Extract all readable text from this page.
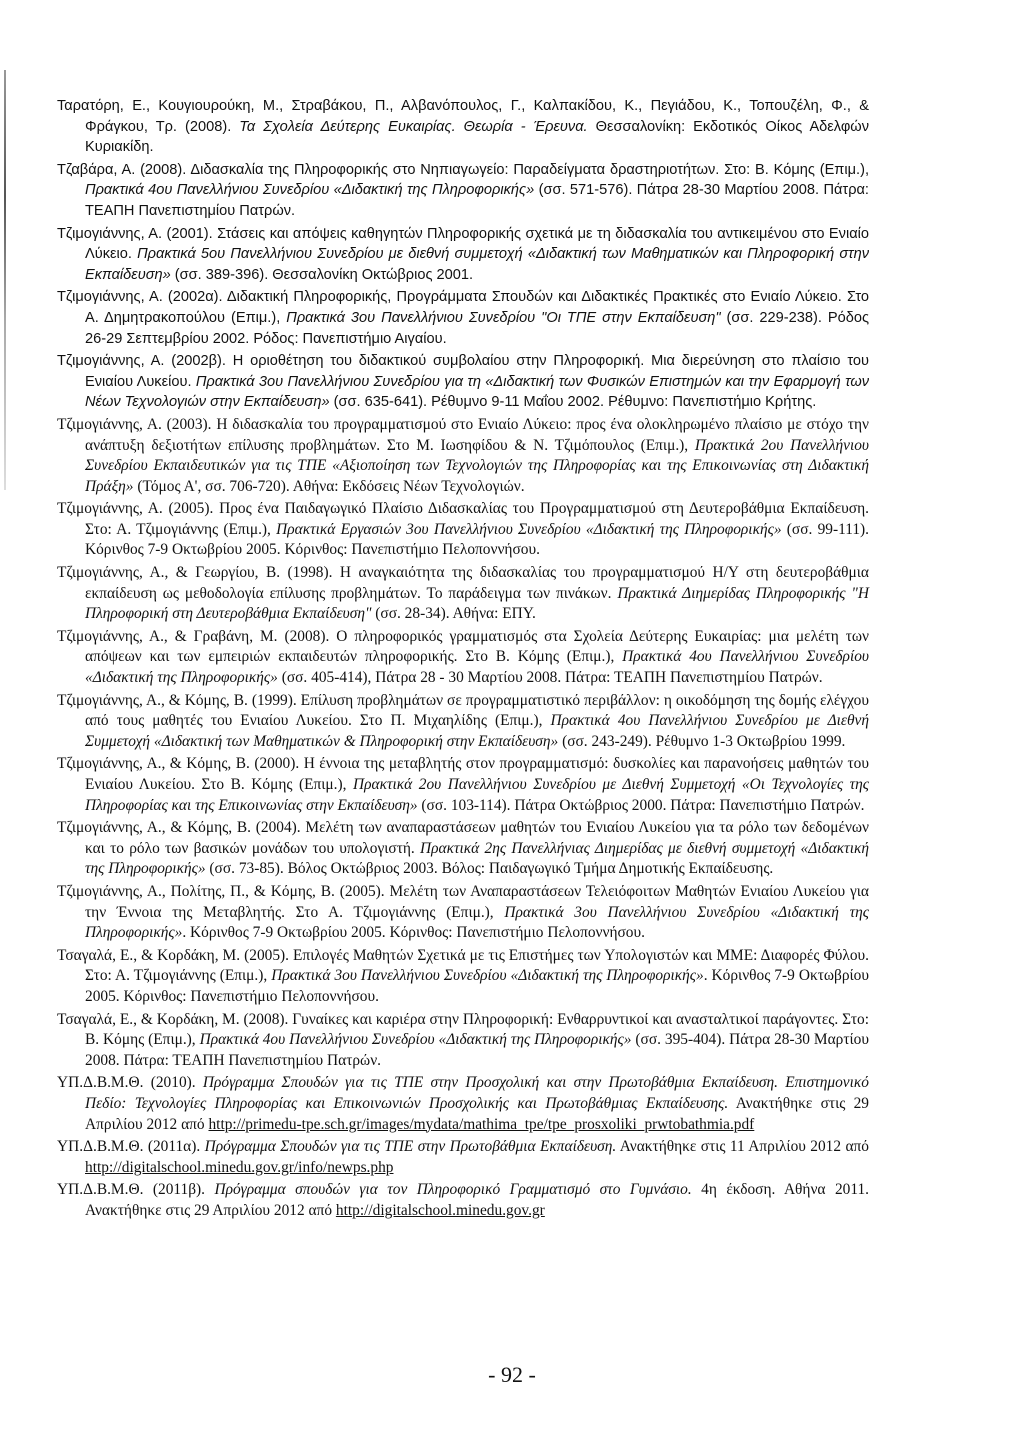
Ταρατόρη, Ε., Κουγιουρούκη, Μ., Στραβάκου, Π., Αλβανόπουλος, Γ., Καλπακίδου, Κ., Πεγιάδου, Κ., Τοπουζέλη, Φ., & Φράγκου, Τρ. (2008). Τα Σχολεία Δεύτερης Ευκαιρίας. Θεωρία - Έρευνα. Θεσσαλονίκη: Εκδοτικός Οίκος Αδελφών Κυριακίδη.

Τζαβάρα, Α. (2008). Διδασκαλία της Πληροφορικής στο Νηπιαγωγείο: Παραδείγματα δραστηριοτήτων. Στο: Β. Κόμης (Επιμ.), Πρακτικά 4ου Πανελλήνιου Συνεδρίου «Διδακτική της Πληροφορικής» (σσ. 571-576). Πάτρα 28-30 Μαρτίου 2008. Πάτρα: ΤΕΑΠΗ Πανεπιστημίου Πατρών.

Τζιμογιάννης, Α. (2001). Στάσεις και απόψεις καθηγητών Πληροφορικής σχετικά με τη διδασκαλία του αντικειμένου στο Ενιαίο Λύκειο. Πρακτικά 5ου Πανελλήνιου Συνεδρίου με διεθνή συμμετοχή «Διδακτική των Μαθηματικών και Πληροφορική στην Εκπαίδευση» (σσ. 389-396). Θεσσαλονίκη Οκτώβριος 2001.

Τζιμογιάννης, Α. (2002α). Διδακτική Πληροφορικής, Προγράμματα Σπουδών και Διδακτικές Πρακτικές στο Ενιαίο Λύκειο. Στο Α. Δημητρακοπούλου (Επιμ.), Πρακτικά 3ου Πανελλήνιου Συνεδρίου "Οι ΤΠΕ στην Εκπαίδευση" (σσ. 229-238). Ρόδος 26-29 Σεπτεμβρίου 2002. Ρόδος: Πανεπιστήμιο Αιγαίου.

Τζιμογιάννης, Α. (2002β). Η οριοθέτηση του διδακτικού συμβολαίου στην Πληροφορική. Μια διερεύνηση στο πλαίσιο του Ενιαίου Λυκείου. Πρακτικά 3ου Πανελλήνιου Συνεδρίου για τη «Διδακτική των Φυσικών Επιστημών και την Εφαρμογή των Νέων Τεχνολογιών στην Εκπαίδευση» (σσ. 635-641). Ρέθυμνο 9-11 Μαΐου 2002. Ρέθυμνο: Πανεπιστήμιο Κρήτης.

Τζιμογιάννης, Α. (2003). Η διδασκαλία του προγραμματισμού στο Ενιαίο Λύκειο: προς ένα ολοκληρωμένο πλαίσιο με στόχο την ανάπτυξη δεξιοτήτων επίλυσης προβλημάτων. Στο Μ. Ιωσηφίδου & Ν. Τζιμόπουλος (Επιμ.), Πρακτικά 2ου Πανελλήνιου Συνεδρίου Εκπαιδευτικών για τις ΤΠΕ «Αξιοποίηση των Τεχνολογιών της Πληροφορίας και της Επικοινωνίας στη Διδακτική Πράξη» (Τόμος Α', σσ. 706-720). Αθήνα: Εκδόσεις Νέων Τεχνολογιών.

Τζιμογιάννης, Α. (2005). Προς ένα Παιδαγωγικό Πλαίσιο Διδασκαλίας του Προγραμματισμού στη Δευτεροβάθμια Εκπαίδευση. Στο: Α. Τζιμογιάννης (Επιμ.), Πρακτικά Εργασιών 3ου Πανελλήνιου Συνεδρίου «Διδακτική της Πληροφορικής» (σσ. 99-111). Κόρινθος 7-9 Οκτωβρίου 2005. Κόρινθος: Πανεπιστήμιο Πελοποννήσου.

Τζιμογιάννης, Α., & Γεωργίου, Β. (1998). Η αναγκαιότητα της διδασκαλίας του προγραμματισμού Η/Υ στη δευτεροβάθμια εκπαίδευση ως μεθοδολογία επίλυσης προβλημάτων. Το παράδειγμα των πινάκων. Πρακτικά Διημερίδας Πληροφορικής "Η Πληροφορική στη Δευτεροβάθμια Εκπαίδευση" (σσ. 28-34). Αθήνα: ΕΠΥ.

Τζιμογιάννης, Α., & Γραβάνη, Μ. (2008). Ο πληροφορικός γραμματισμός στα Σχολεία Δεύτερης Ευκαιρίας: μια μελέτη των απόψεων και των εμπειριών εκπαιδευτών πληροφορικής. Στο Β. Κόμης (Επιμ.), Πρακτικά 4ου Πανελλήνιου Συνεδρίου «Διδακτική της Πληροφορικής» (σσ. 405-414), Πάτρα 28 - 30 Μαρτίου 2008. Πάτρα: ΤΕΑΠΗ Πανεπιστημίου Πατρών.

Τζιμογιάννης, Α., & Κόμης, Β. (1999). Επίλυση προβλημάτων σε προγραμματιστικό περιβάλλον: η οικοδόμηση της δομής ελέγχου από τους μαθητές του Ενιαίου Λυκείου. Στο Π. Μιχαηλίδης (Επιμ.), Πρακτικά 4ου Πανελλήνιου Συνεδρίου με Διεθνή Συμμετοχή «Διδακτική των Μαθηματικών & Πληροφορική στην Εκπαίδευση» (σσ. 243-249). Ρέθυμνο 1-3 Οκτωβρίου 1999.

Τζιμογιάννης, Α., & Κόμης, Β. (2000). Η έννοια της μεταβλητής στον προγραμματισμό: δυσκολίες και παρανοήσεις μαθητών του Ενιαίου Λυκείου. Στο Β. Κόμης (Επιμ.), Πρακτικά 2ου Πανελλήνιου Συνεδρίου με Διεθνή Συμμετοχή «Οι Τεχνολογίες της Πληροφορίας και της Επικοινωνίας στην Εκπαίδευση» (σσ. 103-114). Πάτρα Οκτώβριος 2000. Πάτρα: Πανεπιστήμιο Πατρών.

Τζιμογιάννης, Α., & Κόμης, Β. (2004). Μελέτη των αναπαραστάσεων μαθητών του Ενιαίου Λυκείου για τα ρόλο των δεδομένων και το ρόλο των βασικών μονάδων του υπολογιστή. Πρακτικά 2ης Πανελλήνιας Διημερίδας με διεθνή συμμετοχή «Διδακτική της Πληροφορικής» (σσ. 73-85). Βόλος Οκτώβριος 2003. Βόλος: Παιδαγωγικό Τμήμα Δημοτικής Εκπαίδευσης.

Τζιμογιάννης, Α., Πολίτης, Π., & Κόμης, Β. (2005). Μελέτη των Αναπαραστάσεων Τελειόφοιτων Μαθητών Ενιαίου Λυκείου για την Έννοια της Μεταβλητής. Στο Α. Τζιμογιάννης (Επιμ.), Πρακτικά 3ου Πανελλήνιου Συνεδρίου «Διδακτική της Πληροφορικής». Κόρινθος 7-9 Οκτωβρίου 2005. Κόρινθος: Πανεπιστήμιο Πελοποννήσου.

Τσαγαλά, Ε., & Κορδάκη, Μ. (2005). Επιλογές Μαθητών Σχετικά με τις Επιστήμες των Υπολογιστών και ΜΜΕ: Διαφορές Φύλου. Στο: Α. Τζιμογιάννης (Επιμ.), Πρακτικά 3ου Πανελλήνιου Συνεδρίου «Διδακτική της Πληροφορικής». Κόρινθος 7-9 Οκτωβρίου 2005. Κόρινθος: Πανεπιστήμιο Πελοποννήσου.

Τσαγαλά, Ε., & Κορδάκη, Μ. (2008). Γυναίκες και καριέρα στην Πληροφορική: Ενθαρρυντικοί και ανασταλτικοί παράγοντες. Στο: Β. Κόμης (Επιμ.), Πρακτικά 4ου Πανελλήνιου Συνεδρίου «Διδακτική της Πληροφορικής» (σσ. 395-404). Πάτρα 28-30 Μαρτίου 2008. Πάτρα: ΤΕΑΠΗ Πανεπιστημίου Πατρών.

ΥΠ.Δ.Β.Μ.Θ. (2010). Πρόγραμμα Σπουδών για τις ΤΠΕ στην Προσχολική και στην Πρωτοβάθμια Εκπαίδευση. Επιστημονικό Πεδίο: Τεχνολογίες Πληροφορίας και Επικοινωνιών Προσχολικής και Πρωτοβάθμιας Εκπαίδευσης. Ανακτήθηκε στις 29 Απριλίου 2012 από http://primedu-tpe.sch.gr/images/mydata/mathima_tpe/tpe_prosxoliki_prwtobathmia.pdf

ΥΠ.Δ.Β.Μ.Θ. (2011α). Πρόγραμμα Σπουδών για τις ΤΠΕ στην Πρωτοβάθμια Εκπαίδευση. Ανακτήθηκε στις 11 Απριλίου 2012 από http://digitalschool.minedu.gov.gr/info/newps.php

ΥΠ.Δ.Β.Μ.Θ. (2011β). Πρόγραμμα σπουδών για τον Πληροφορικό Γραμματισμό στο Γυμνάσιο. 4η έκδοση. Αθήνα 2011. Ανακτήθηκε στις 29 Απριλίου 2012 από http://digitalschool.minedu.gov.gr

- 92 -
